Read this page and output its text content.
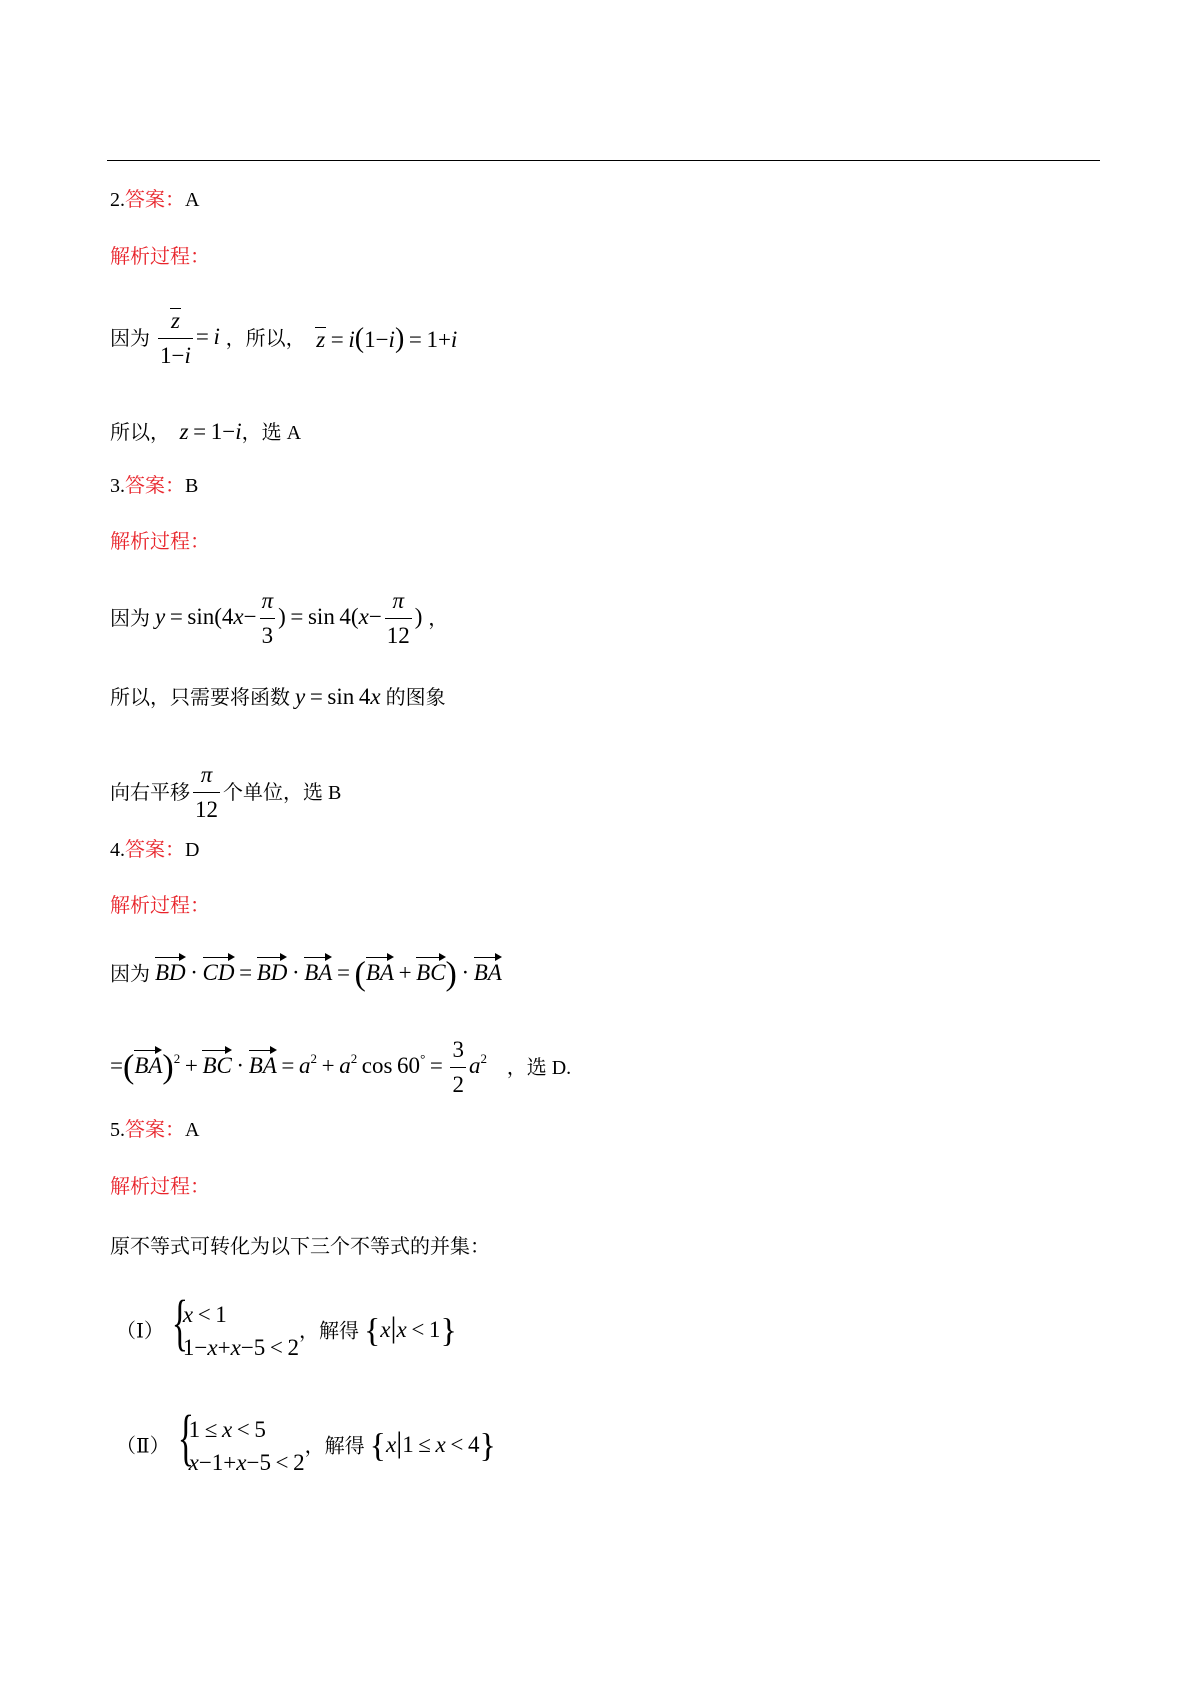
2.答案：A
解析过程：
因为 $\frac{z}{1-i} = i$ ，所以，   z = i(1−i) = 1+i
所以，   z = 1−i，选 A
3.答案：B
解析过程：
因为 $y = \sin(4x- \frac{\pi}{3}$ ) = $\sin 4(x- \frac{\pi}{12}$ ) ，
所以，只需要将函数 y = sin 4x 的图象
向右平移 $\frac{\pi}{12}$ 个单位，选 B
4.答案：D
解析过程：
因为 BD · CD = BD · BA = (BA + BC) · BA
=(BA)$^2$ + BC · BA = $a^2 + a^2$ $\cos 60^\circ = \frac{3}{2} a^2$ ，选 D.
5.答案：A
解析过程：
原不等式可转化为以下三个不等式的并集：
（Ⅰ）
{ x < 1
1−x+x−5 < 2
，解得 {x|x < 1}
（Ⅱ）
{ 1 ≤ x < 5
x−1+x−5 < 2
，解得 {x|1 ≤ x < 4}
